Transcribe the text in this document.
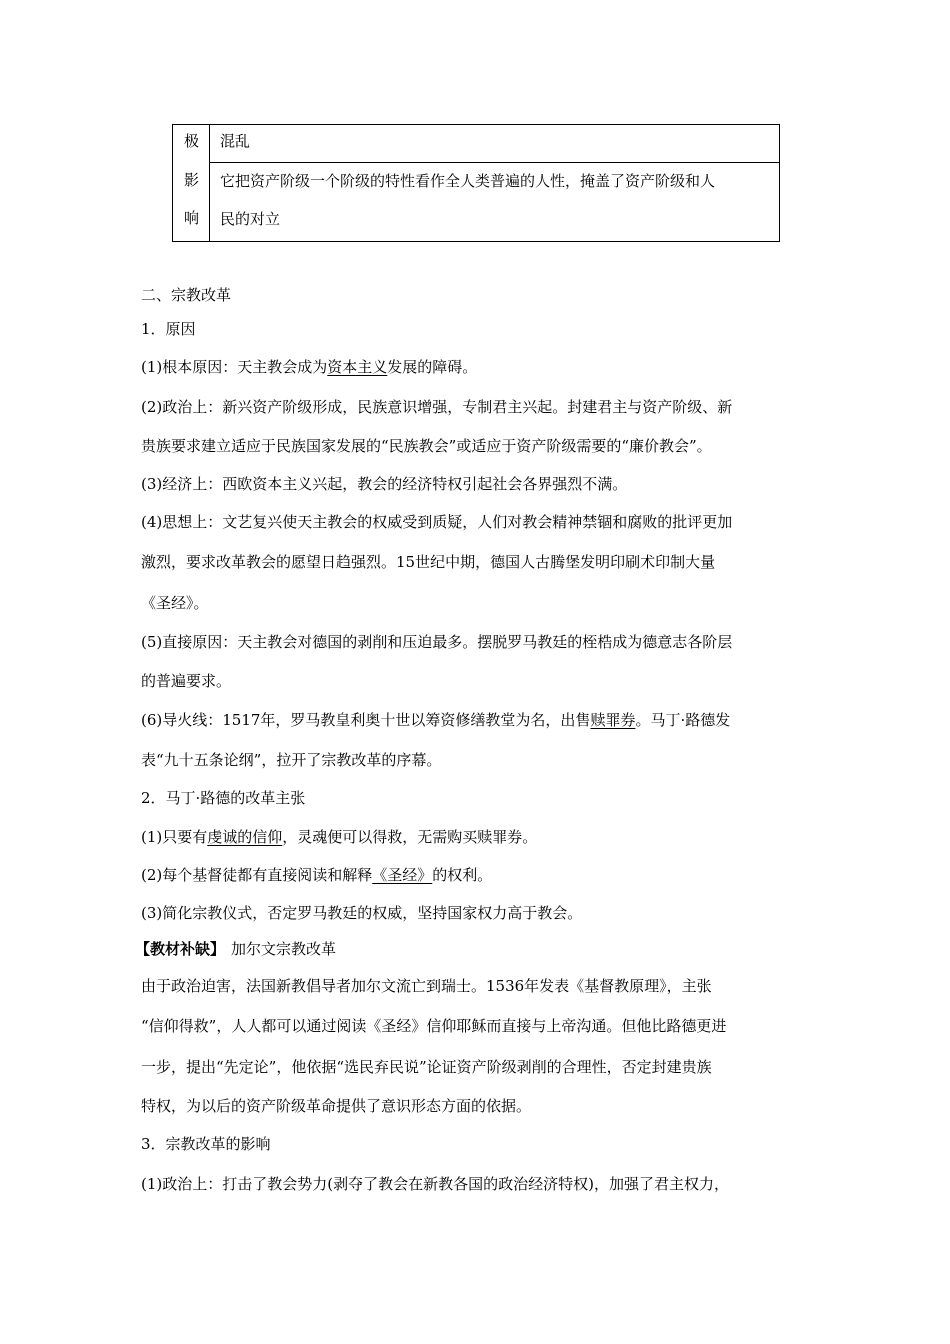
极
影
响
混乱
它把资产阶级一个阶级的特性看作全人类普遍的人性，掩盖了资产阶级和人
民的对立
二、宗教改革
1．原因
(1)根本原因：天主教会成为资本主义发展的障碍。
(2)政治上：新兴资产阶级形成，民族意识增强，专制君主兴起。封建君主与资产阶级、新
贵族要求建立适应于民族国家发展的“民族教会”或适应于资产阶级需要的“廉价教会”。
(3)经济上：西欧资本主义兴起，教会的经济特权引起社会各界强烈不满。
(4)思想上：文艺复兴使天主教会的权威受到质疑，人们对教会精神禁锢和腐败的批评更加
激烈，要求改革教会的愿望日趋强烈。15世纪中期，德国人古腾堡发明印刷术印制大量
《圣经》。
(5)直接原因：天主教会对德国的剥削和压迫最多。摆脱罗马教廷的桎梏成为德意志各阶层
的普遍要求。
(6)导火线：1517年，罗马教皇利奥十世以筹资修缮教堂为名，出售赎罪券。马丁·路德发
表“九十五条论纲”，拉开了宗教改革的序幕。
2．马丁·路德的改革主张
(1)只要有虔诚的信仰，灵魂便可以得救，无需购买赎罪券。
(2)每个基督徒都有直接阅读和解释《圣经》的权利。
(3)简化宗教仪式，否定罗马教廷的权威，坚持国家权力高于教会。
【教材补缺】 加尔文宗教改革
由于政治迫害，法国新教倡导者加尔文流亡到瑞士。1536年发表《基督教原理》，主张
“信仰得救”，人人都可以通过阅读《圣经》信仰耶稣而直接与上帝沟通。但他比路德更进
一步，提出“先定论”，他依据“选民弃民说”论证资产阶级剥削的合理性，否定封建贵族
特权，为以后的资产阶级革命提供了意识形态方面的依据。
3．宗教改革的影响
(1)政治上：打击了教会势力(剥夺了教会在新教各国的政治经济特权)，加强了君主权力，
